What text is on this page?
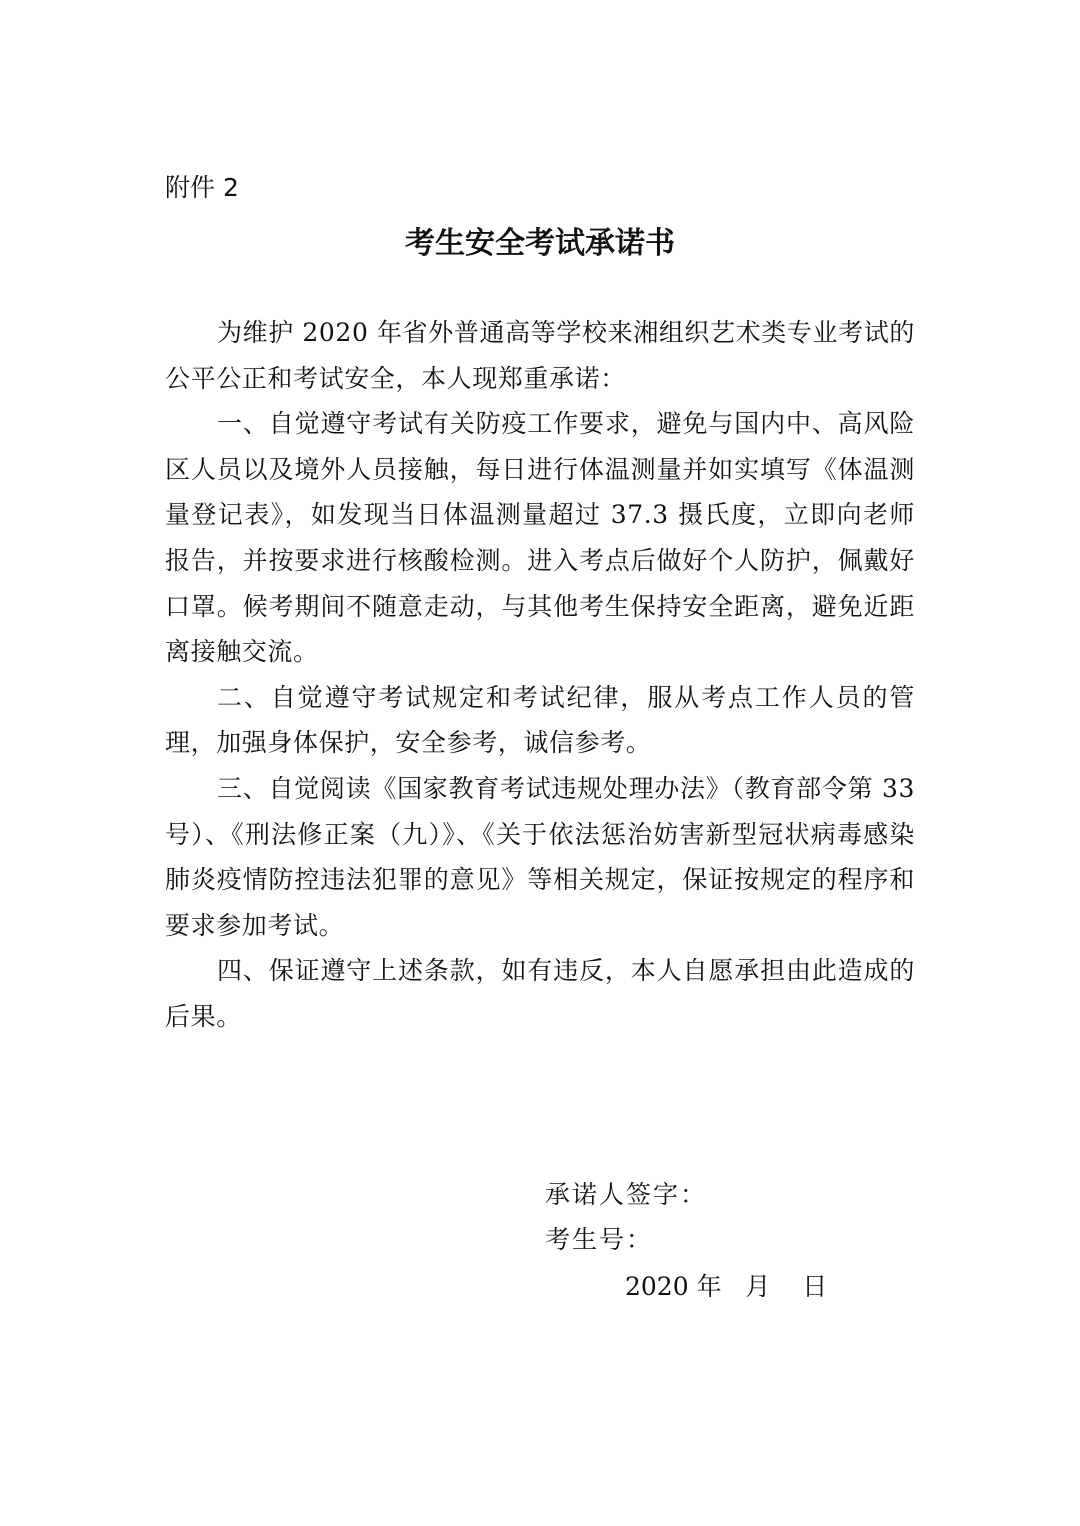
附件 2
考生安全考试承诺书

为维护 2020 年省外普通高等学校来湘组织艺术类专业考试的公平公正和考试安全，本人现郑重承诺：

一、自觉遵守考试有关防疫工作要求，避免与国内中、高风险区人员以及境外人员接触，每日进行体温测量并如实填写《体温测量登记表》，如发现当日体温测量超过 37.3 摄氏度，立即向老师报告，并按要求进行核酸检测。进入考点后做好个人防护，佩戴好口罩。候考期间不随意走动，与其他考生保持安全距离，避免近距离接触交流。

二、自觉遵守考试规定和考试纪律，服从考点工作人员的管理，加强身体保护，安全参考，诚信参考。

三、自觉阅读《国家教育考试违规处理办法》（教育部令第 33 号）、《刑法修正案（九）》、《关于依法惩治妨害新型冠状病毒感染肺炎疫情防控违法犯罪的意见》等相关规定，保证按规定的程序和要求参加考试。

四、保证遵守上述条款，如有违反，本人自愿承担由此造成的后果。

承诺人签字：
考生号：
2020 年   月    日
